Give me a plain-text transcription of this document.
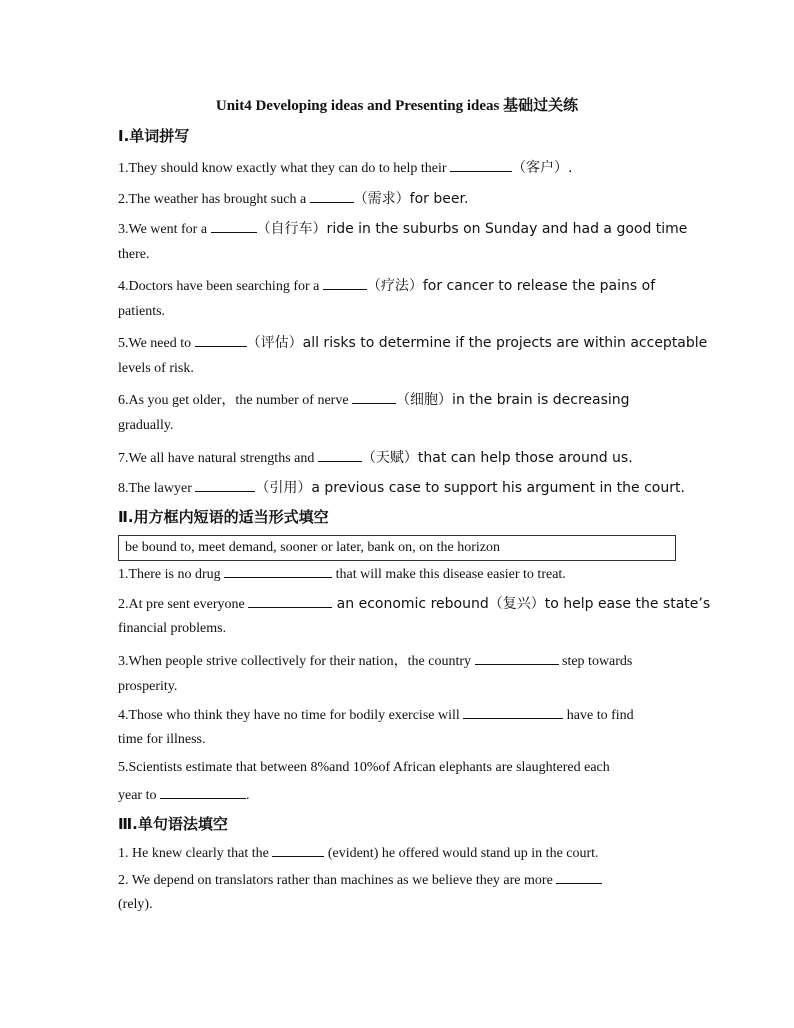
Unit4 Developing ideas and Presenting ideas 基础过关练
Ⅰ.单词拼写
1.They should know exactly what they can do to help their	（客户）.
2.The weather has brought such a	（需求）for beer.
3.We went for a	（自行车）ride in the suburbs on Sunday and had a good time
there.
4.Doctors have been searching for a	（疗法）for cancer to release the pains of
patients.
5.We need to	（评估）all risks to determine if the projects are within acceptable
levels of risk.
6.As you get older，the number of nerve	（细胞）in the brain is decreasing
gradually.
7.We all have natural strengths and	（天赋）that can help those around us.
8.The lawyer	（引用）a previous case to support his argument in the court.
Ⅱ.用方框内短语的适当形式填空
be bound to, meet demand, sooner or later, bank on, on the horizon
1.There is no drug	that will make this disease easier to treat.
2.At pre sent everyone	an economic rebound（复兴）to help ease the state’s
financial problems.
3.When people strive collectively for their nation，the country	step towards
prosperity.
4.Those who think they have no time for bodily exercise will	have to find
time for illness.
5.Scientists estimate that between 8%and 10%of African elephants are slaughtered each
year to	.
Ⅲ.单句语法填空
1. He knew clearly that the	(evident) he offered would stand up in the court.
2. We depend on translators rather than machines as we believe they are more
(rely).
